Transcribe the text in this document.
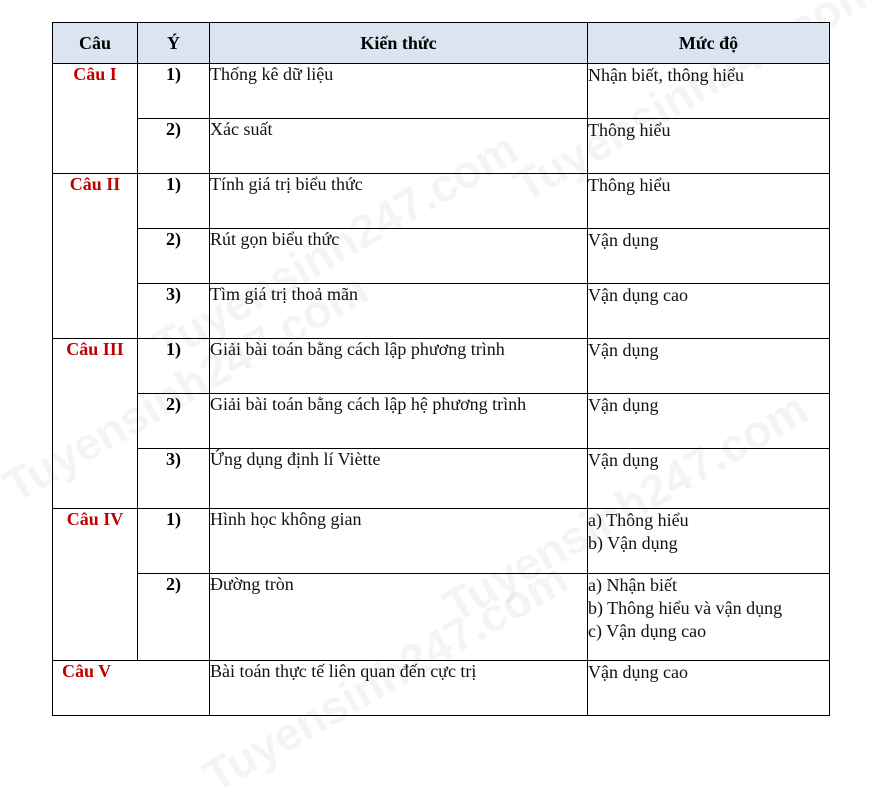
Câu	Ý	Kiến thức	Mức độ
Câu I	1)	Thống kê dữ liệu	Nhận biết, thông hiểu

	2)	Xác suất	Thông hiểu

Câu II	1)	Tính giá trị biểu thức	Thông hiểu

	2)	Rút gọn biểu thức	Vận dụng

	3)	Tìm giá trị thoả mãn	Vận dụng cao

Câu III	1)	Giải bài toán bằng cách lập phương trình	Vận dụng

	2)	Giải bài toán bằng cách lập hệ phương trình	Vận dụng

	3)	Ứng dụng định lí Viètte	Vận dụng

Câu IV	1)	Hình học không gian	a) Thông hiểu
b) Vận dụng

	2)	Đường tròn	a) Nhận biết
b) Thông hiểu và vận dụng
c) Vận dụng cao

Câu V		Bài toán thực tế liên quan đến cực trị	Vận dụng cao
